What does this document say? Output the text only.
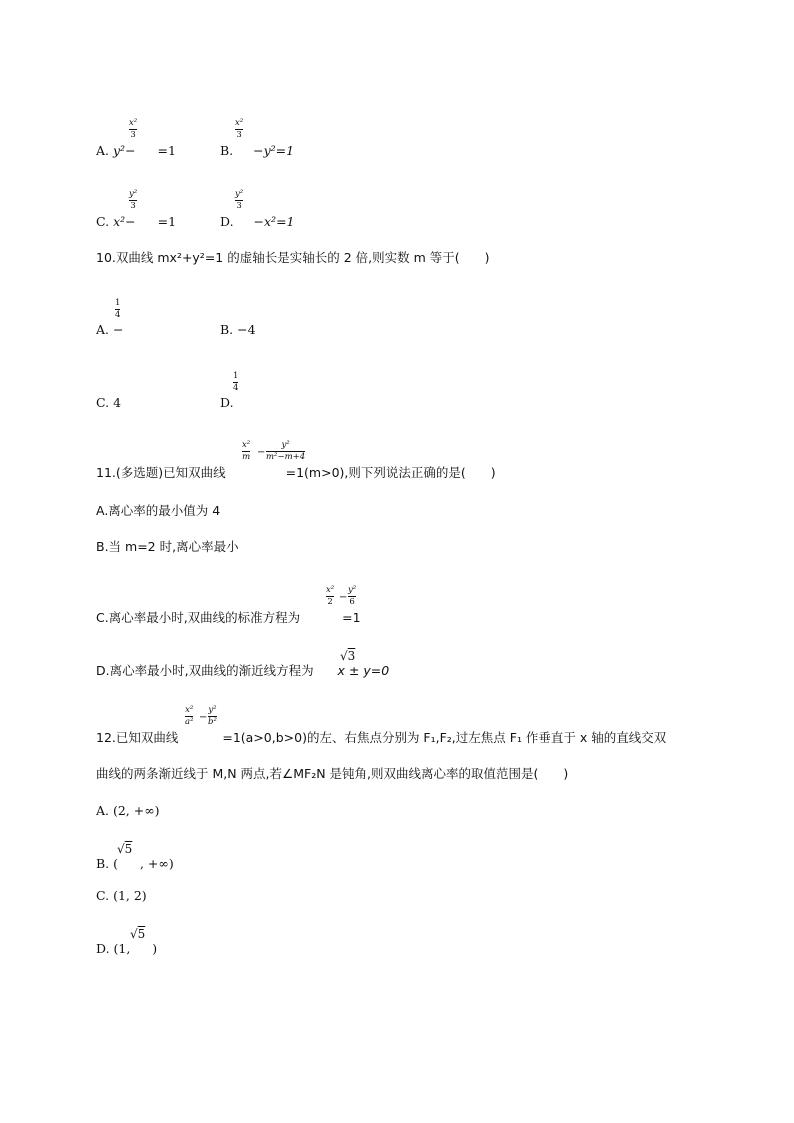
A. y²− =1
x²
3
B. −y²=1
x²
3
C. x²− =1
y²
3
D. −x²=1
y²
3
10.双曲线 mx²+y²=1 的虚轴长是实轴长的 2 倍,则实数 m 等于(　　)
A. −
1
4
B. −4
C. 4	D.
1
4
11.(多选题)已知双曲线	=1(m>0),则下列说法正确的是(　　)
x²
m −
y²
m²−m+4
A.离心率的最小值为 4
B.当 m=2 时,离心率最小
C.离心率最小时,双曲线的标准方程为	=1
x²
2 −
y²
6
D.离心率最小时,双曲线的渐近线方程为 x ± y=0
√3
12.已知双曲线	=1(a>0,b>0)的左、右焦点分别为 F₁,F₂,过左焦点 F₁ 作垂直于 x 轴的直线交双
x²
a² −
y²
b²
曲线的两条渐近线于 M,N 两点,若∠MF₂N 是钝角,则双曲线离心率的取值范围是(　　)
A. (2, +∞)
B. ( , +∞)
√5
C. (1, 2)
D. (1, )
√5
